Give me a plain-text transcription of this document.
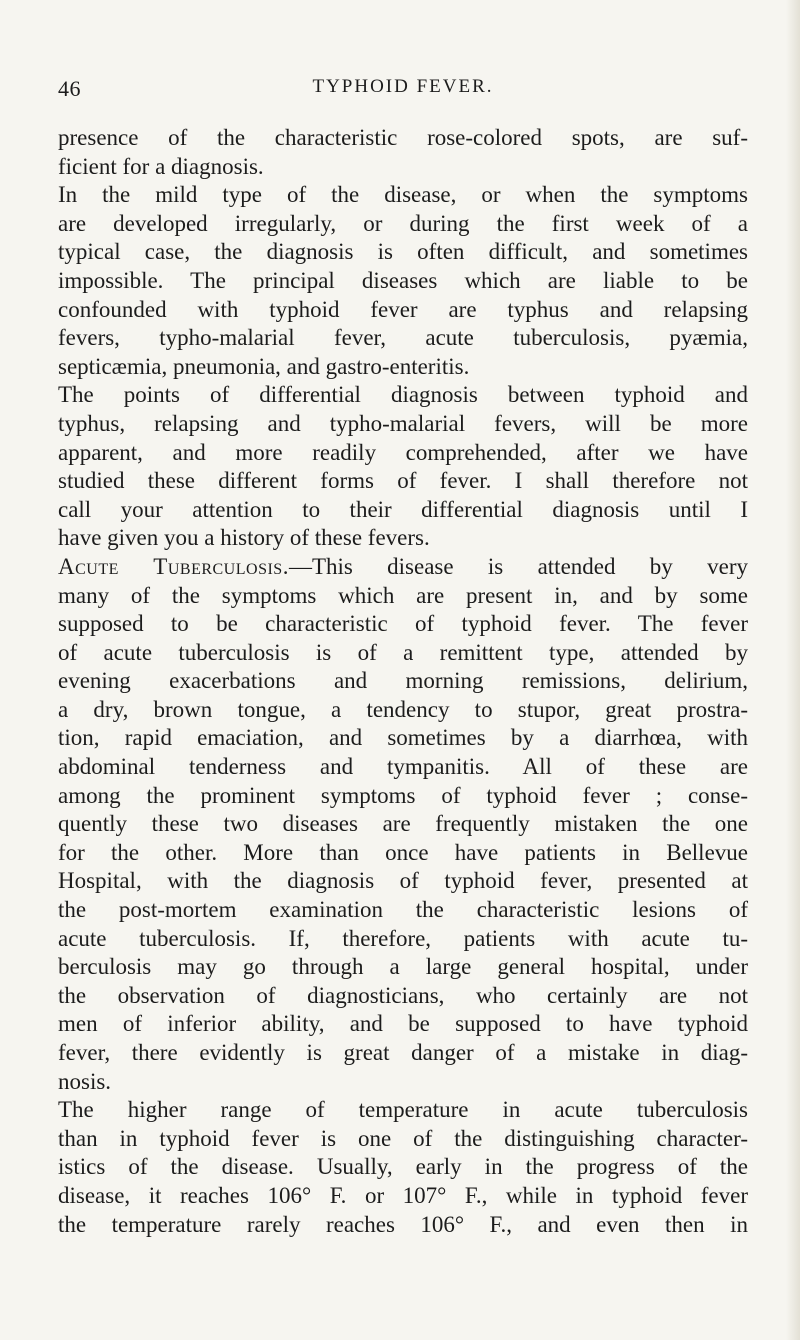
46	TYPHOID FEVER.
presence of the characteristic rose-colored spots, are suf-
ficient for a diagnosis.
In the mild type of the disease, or when the symptoms
are developed irregularly, or during the first week of a
typical case, the diagnosis is often difficult, and sometimes
impossible. The principal diseases which are liable to be
confounded with typhoid fever are typhus and relapsing
fevers, typho-malarial fever, acute tuberculosis, pyæmia,
septicæmia, pneumonia, and gastro-enteritis.
The points of differential diagnosis between typhoid and
typhus, relapsing and typho-malarial fevers, will be more
apparent, and more readily comprehended, after we have
studied these different forms of fever. I shall therefore not
call your attention to their differential diagnosis until I
have given you a history of these fevers.
Acute Tuberculosis.—This disease is attended by very
many of the symptoms which are present in, and by some
supposed to be characteristic of typhoid fever. The fever
of acute tuberculosis is of a remittent type, attended by
evening exacerbations and morning remissions, delirium,
a dry, brown tongue, a tendency to stupor, great prostra-
tion, rapid emaciation, and sometimes by a diarrhœa, with
abdominal tenderness and tympanitis. All of these are
among the prominent symptoms of typhoid fever ; conse-
quently these two diseases are frequently mistaken the one
for the other. More than once have patients in Bellevue
Hospital, with the diagnosis of typhoid fever, presented at
the post-mortem examination the characteristic lesions of
acute tuberculosis. If, therefore, patients with acute tu-
berculosis may go through a large general hospital, under
the observation of diagnosticians, who certainly are not
men of inferior ability, and be supposed to have typhoid
fever, there evidently is great danger of a mistake in diag-
nosis.
The higher range of temperature in acute tuberculosis
than in typhoid fever is one of the distinguishing character-
istics of the disease. Usually, early in the progress of the
disease, it reaches 106° F. or 107° F., while in typhoid fever
the temperature rarely reaches 106° F., and even then in
